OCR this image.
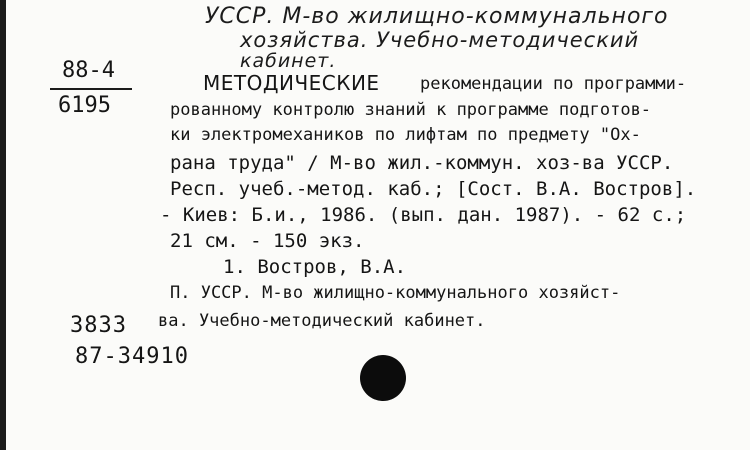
УССР. М-во жилищно-коммунального
хозяйства. Учебно-методический
кабинет.
88-4
6195
МЕТОДИЧЕСКИЕ рекомендации по программи-
рованному контролю знаний к программе подготов-
ки электромехаников по лифтам по предмету "Ох-
рана труда" / М-во жил.-коммун. хоз-ва УССР.
Респ. учеб.-метод. каб.; [Сост. В.А. Востров].
- Киев: Б.и., 1986. (вып. дан. 1987). - 62 с.;
21 см. - 150 экз.
1. Востров, В.А.
П. УССР. М-во жилищно-коммунального хозяйст-
ва. Учебно-методический кабинет.
3833
87-34910
